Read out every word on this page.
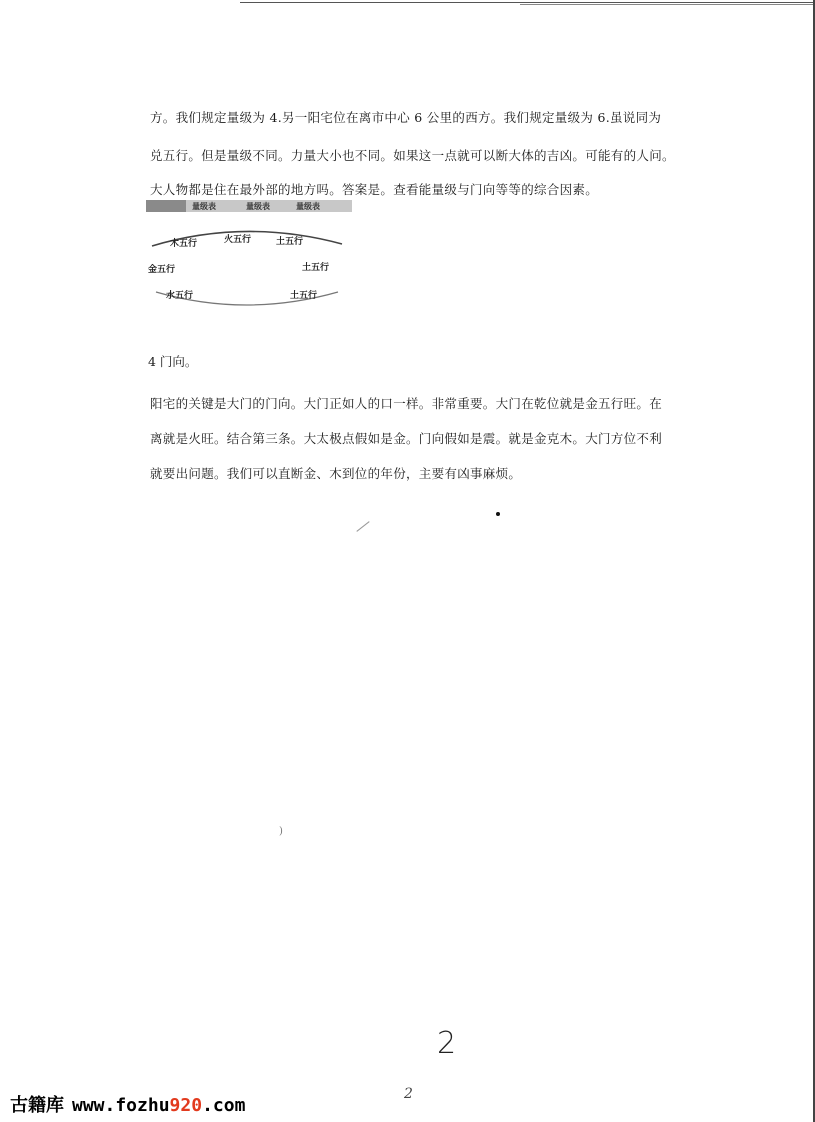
方。我们规定量级为 4.另一阳宅位在离市中心 6 公里的西方。我们规定量级为 6.虽说同为
兑五行。但是量级不同。力量大小也不同。如果这一点就可以断大体的吉凶。可能有的人问。
大人物都是住在最外部的地方吗。答案是。查看能量级与门向等等的综合因素。
量级表	量级表	量级表
木五行	火五行	土五行
金五行	土五行
水五行	土五行
4 门向。
阳宅的关键是大门的门向。大门正如人的口一样。非常重要。大门在乾位就是金五行旺。在
离就是火旺。结合第三条。大太极点假如是金。门向假如是震。就是金克木。大门方位不利
就要出问题。我们可以直断金、木到位的年份，主要有凶事麻烦。
)
2
2
古籍库 www.fozhu920.com
